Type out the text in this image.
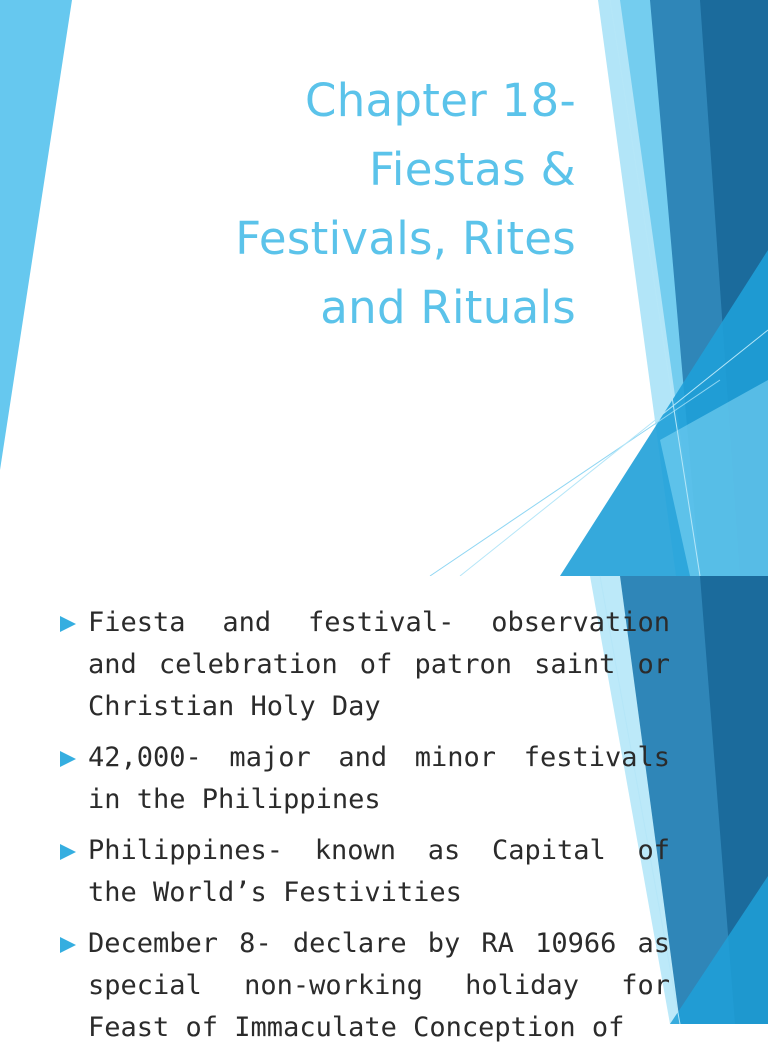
Chapter 18-
Fiestas &
Festivals, Rites
and Rituals
Fiesta and festival- observation and celebration of patron saint or Christian Holy Day
42,000- major and minor festivals in the Philippines
Philippines- known as Capital of the World’s Festivities
December 8- declare by RA 10966 as special non-working holiday for Feast of Immaculate Conception of
